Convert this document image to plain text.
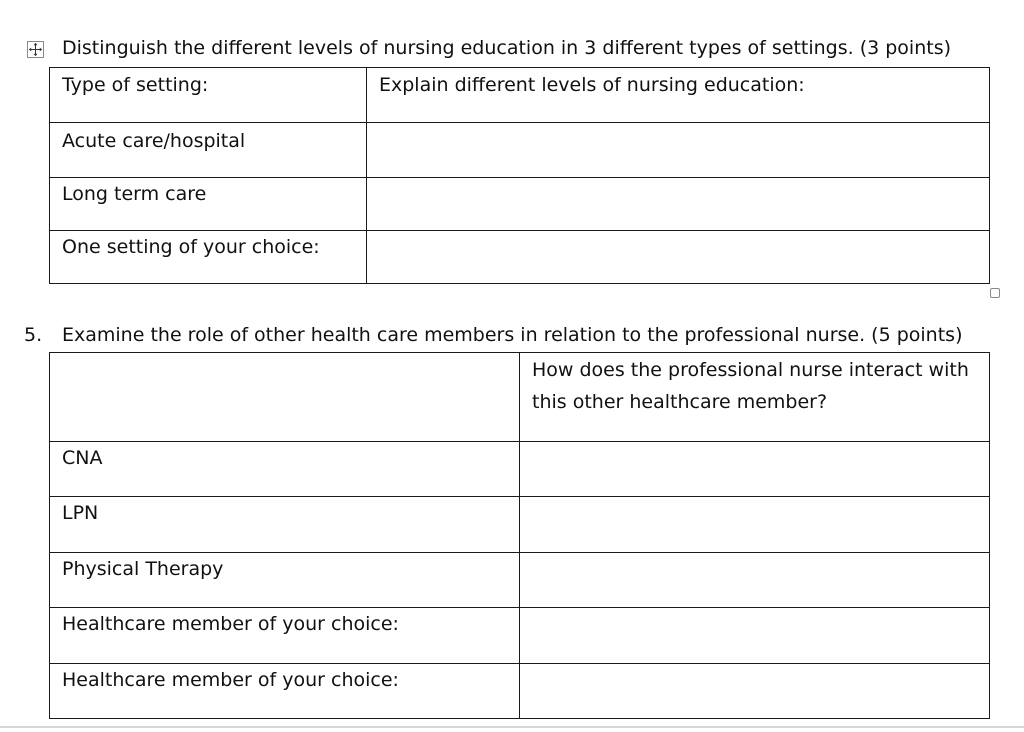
Distinguish the different levels of nursing education in 3 different types of settings. (3 points)
Type of setting:	Explain different levels of nursing education:
Acute care/hospital	
Long term care	
One setting of your choice:	
5. Examine the role of other health care members in relation to the professional nurse. (5 points)
	How does the professional nurse interact with this other healthcare member?
CNA	
LPN	
Physical Therapy	
Healthcare member of your choice:	
Healthcare member of your choice:	
